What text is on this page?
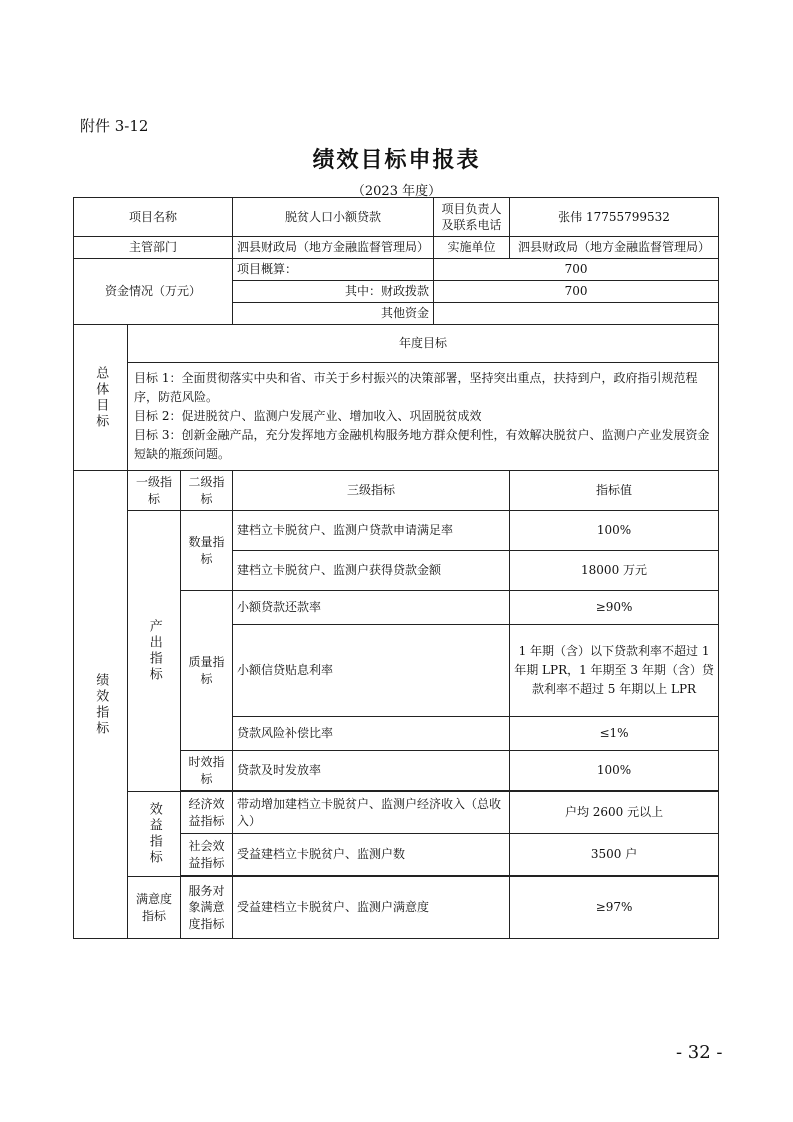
附件 3-12
绩效目标申报表
（2023 年度）
项目名称			脱贫人口小额贷款	项目负责人及联系电话	张伟 17755799532
主管部门			泗县财政局（地方金融监督管理局）	实施单位	泗县财政局（地方金融监督管理局）
资金情况（万元）			项目概算：	700	
			其中：财政拨款	700	
			其他资金		
总体目标	年度目标				

	目标 1：全面贯彻落实中央和省、市关于乡村振兴的决策部署，坚持突出重点，扶持到户，政府指引规范程序，防范风险。
目标 2：促进脱贫户、监测户发展产业、增加收入、巩固脱贫成效
目标 3：创新金融产品，充分发挥地方金融机构服务地方群众便利性，有效解决脱贫户、监测户产业发展资金短缺的瓶颈问题。				

绩效指标	一级指标	二级指标	三级指标		指标值
	产出指标	数量指标	建档立卡脱贫户、监测户贷款申请满足率		100%
			建档立卡脱贫户、监测户获得贷款金额		18000 万元
		质量指标	小额贷款还款率		≥90%
			小额信贷贴息利率		1 年期（含）以下贷款利率不超过 1 年期 LPR，1 年期至 3 年期（含）贷款利率不超过 5 年期以上 LPR
			贷款风险补偿比率		≤1%
		时效指标	贷款及时发放率		100%

	效益指标	经济效益指标	带动增加建档立卡脱贫户、监测户经济收入（总收入）		户均 2600 元以上
		社会效益指标	受益建档立卡脱贫户、监测户数		3500 户

	满意度指标	服务对象满意度指标	受益建档立卡脱贫户、监测户满意度		≥97%
- 32 -
